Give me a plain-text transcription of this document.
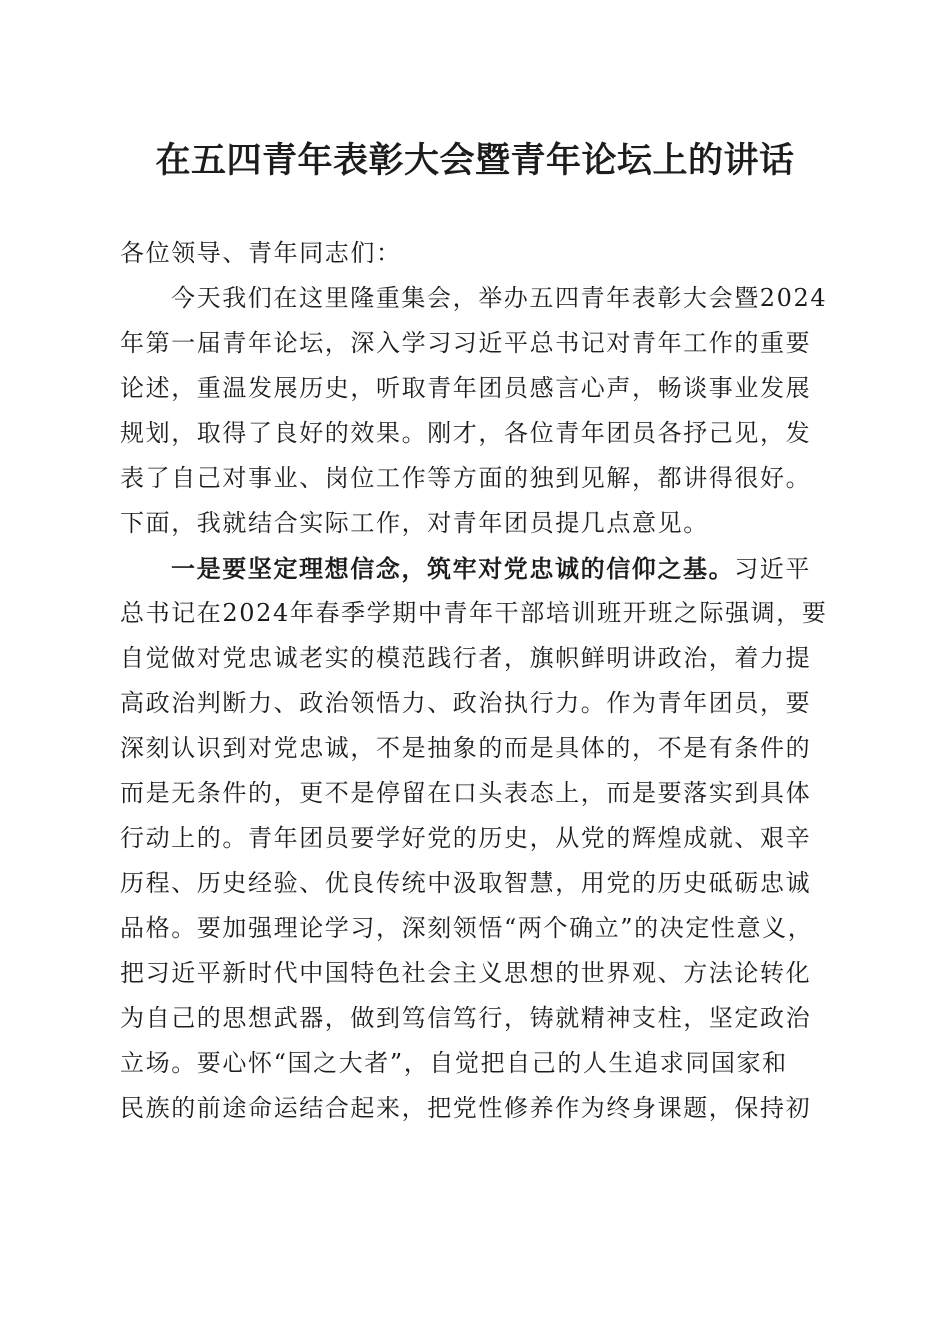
在五四青年表彰大会暨青年论坛上的讲话
各位领导、青年同志们：
今天我们在这里隆重集会，举办五四青年表彰大会暨2024
年第一届青年论坛，深入学习习近平总书记对青年工作的重要
论述，重温发展历史，听取青年团员感言心声，畅谈事业发展
规划，取得了良好的效果。刚才，各位青年团员各抒己见，发
表了自己对事业、岗位工作等方面的独到见解，都讲得很好。
下面，我就结合实际工作，对青年团员提几点意见。
一是要坚定理想信念，筑牢对党忠诚的信仰之基。习近平
总书记在2024年春季学期中青年干部培训班开班之际强调，要
自觉做对党忠诚老实的模范践行者，旗帜鲜明讲政治，着力提
高政治判断力、政治领悟力、政治执行力。作为青年团员，要
深刻认识到对党忠诚，不是抽象的而是具体的，不是有条件的
而是无条件的，更不是停留在口头表态上，而是要落实到具体
行动上的。青年团员要学好党的历史，从党的辉煌成就、艰辛
历程、历史经验、优良传统中汲取智慧，用党的历史砥砺忠诚
品格。要加强理论学习，深刻领悟“两个确立”的决定性意义，
把习近平新时代中国特色社会主义思想的世界观、方法论转化
为自己的思想武器，做到笃信笃行，铸就精神支柱，坚定政治
立场。要心怀“国之大者”，自觉把自己的人生追求同国家和
民族的前途命运结合起来，把党性修养作为终身课题，保持初
